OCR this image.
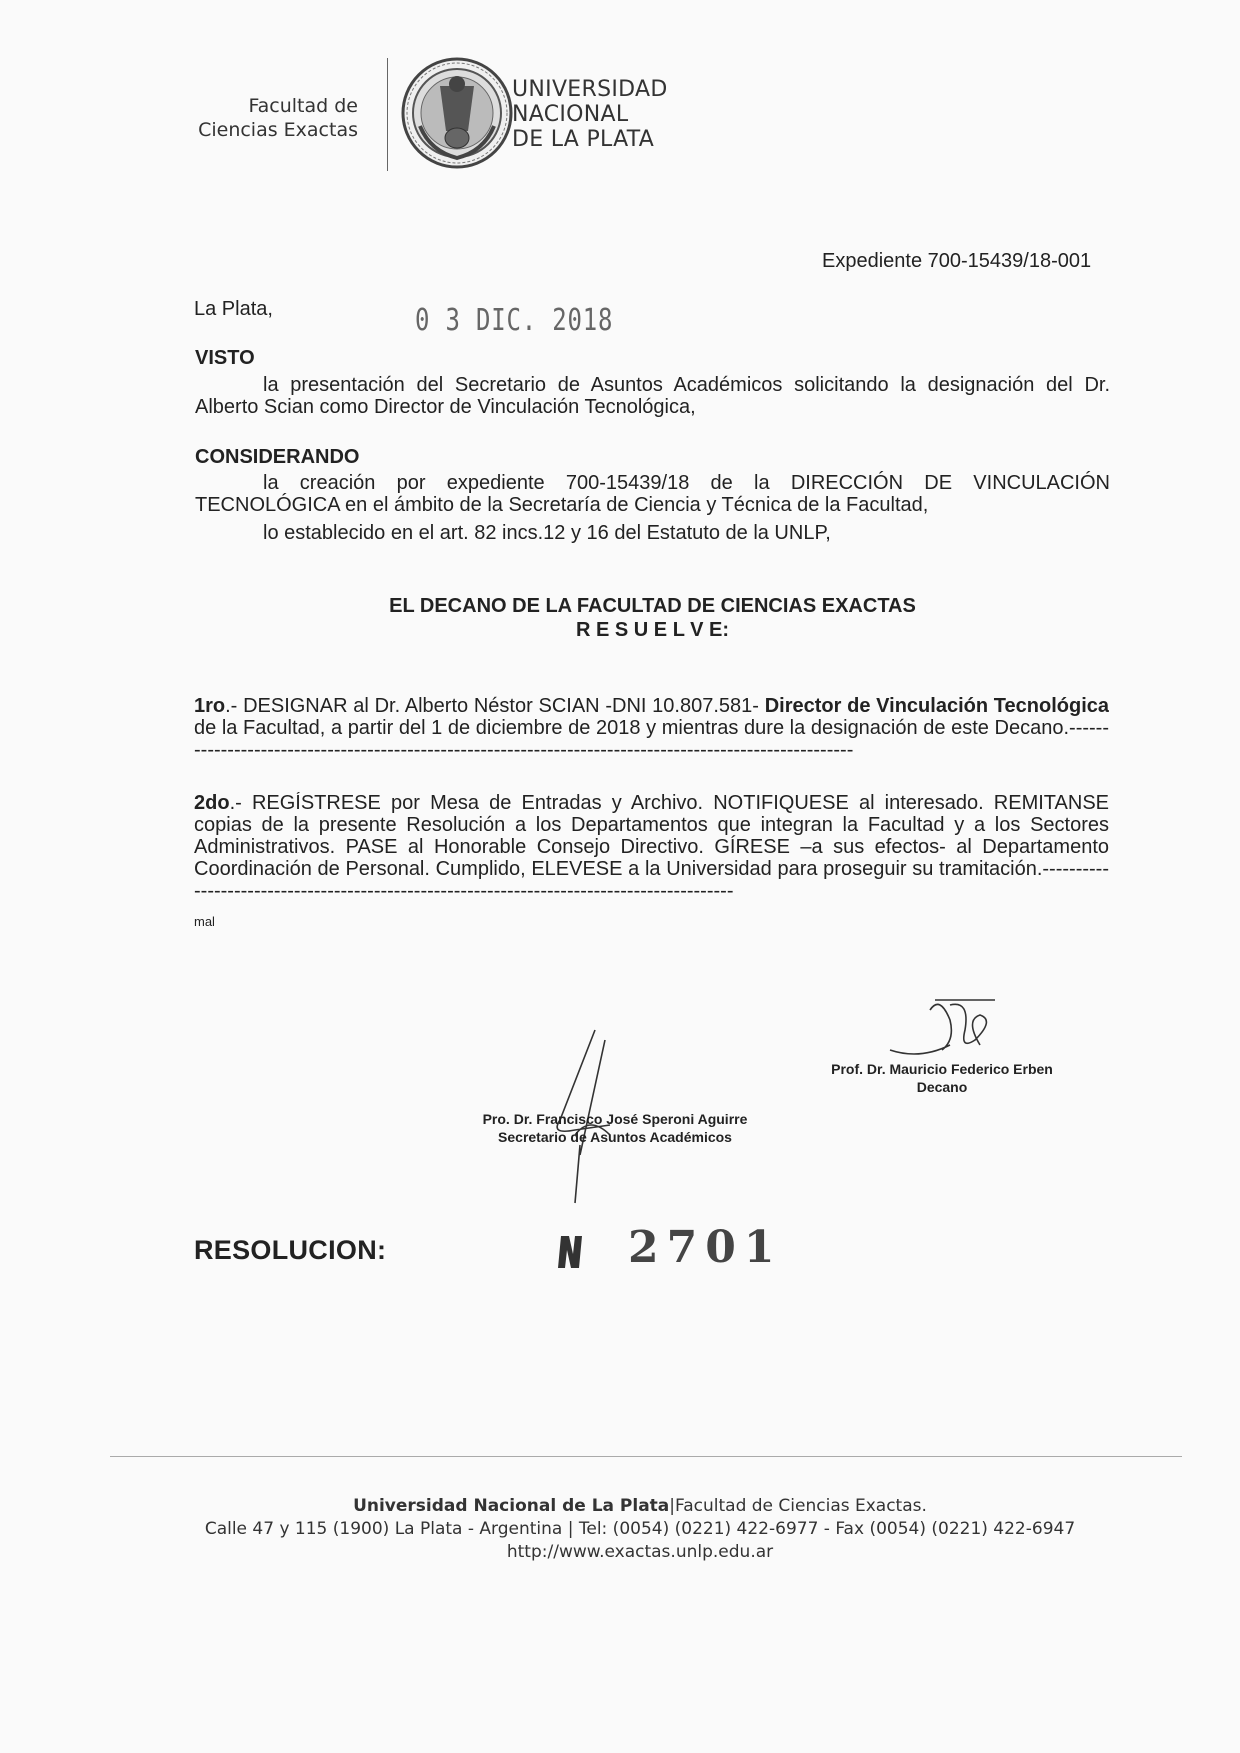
Facultad de
Ciencias Exactas
UNIVERSIDAD
NACIONAL
DE LA PLATA
Expediente 700-15439/18-001
La Plata,	0 3 DIC. 2018
VISTO
la presentación del Secretario de Asuntos Académicos solicitando la designación del Dr. Alberto Scian como Director de Vinculación Tecnológica,
CONSIDERANDO
la creación por expediente 700-15439/18 de la DIRECCIÓN DE VINCULACIÓN TECNOLÓGICA en el ámbito de la Secretaría de Ciencia y Técnica de la Facultad,
lo establecido en el art. 82 incs.12 y 16 del Estatuto de la UNLP,
EL DECANO DE LA FACULTAD DE CIENCIAS EXACTAS
R E S U E L V E:
1ro.- DESIGNAR al Dr. Alberto Néstor SCIAN -DNI 10.807.581- Director de Vinculación Tecnológica de la Facultad, a partir del 1 de diciembre de 2018 y mientras dure la designación de este Decano.---------------------------------------------------------------------------------------------------------
2do.- REGÍSTRESE por Mesa de Entradas y Archivo. NOTIFIQUESE al interesado. REMITANSE copias de la presente Resolución a los Departamentos que integran la Facultad y a los Sectores Administrativos. PASE al Honorable Consejo Directivo. GÍRESE –a sus efectos- al Departamento Coordinación de Personal. Cumplido, ELEVESE a la Universidad para proseguir su tramitación.-------------------------------------------------------------------------------------------
mal
Prof. Dr. Mauricio Federico Erben
Decano
Pro. Dr. Francisco José Speroni Aguirre
Secretario de Asuntos Académicos
RESOLUCION:	2701
Universidad Nacional de La Plata|Facultad de Ciencias Exactas.
Calle 47 y 115 (1900) La Plata - Argentina | Tel: (0054) (0221) 422-6977 - Fax (0054) (0221) 422-6947
http://www.exactas.unlp.edu.ar
